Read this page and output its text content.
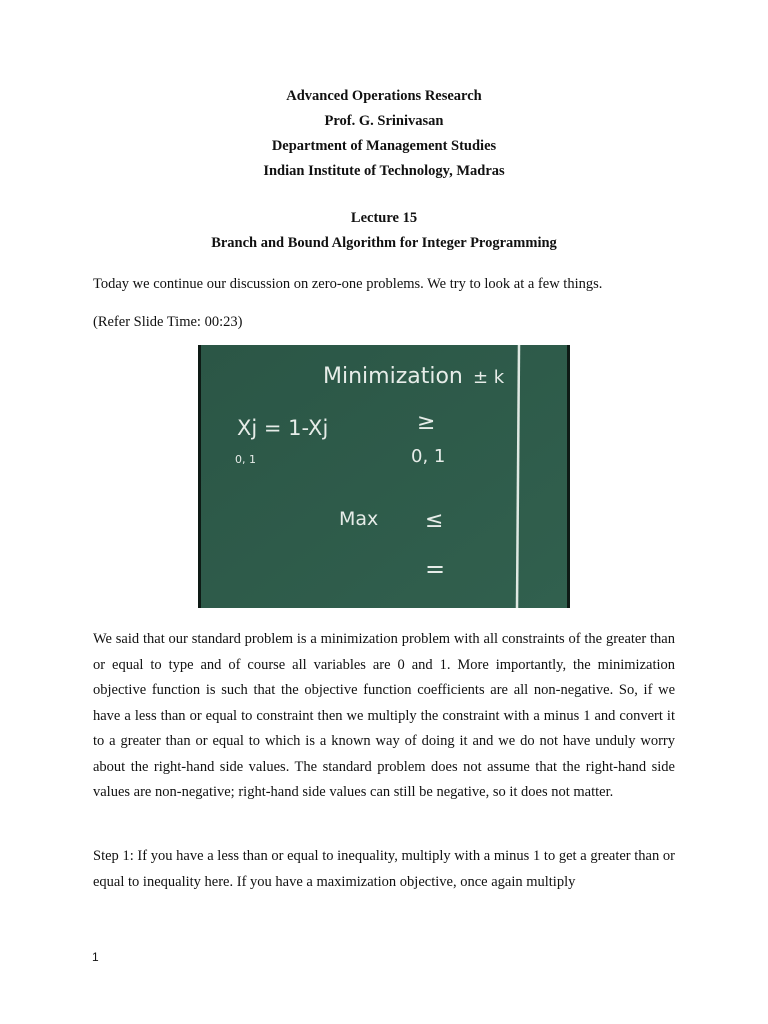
Advanced Operations Research
Prof. G. Srinivasan
Department of Management Studies
Indian Institute of Technology, Madras
Lecture 15
Branch and Bound Algorithm for Integer Programming
Today we continue our discussion on zero-one problems. We try to look at a few things.
(Refer Slide Time: 00:23)
Minimization ± k
Xj = 1-Xj
0, 1
≥
0, 1
Max ≤
=
We said that our standard problem is a minimization problem with all constraints of the greater than or equal to type and of course all variables are 0 and 1. More importantly, the minimization objective function is such that the objective function coefficients are all non-negative. So, if we have a less than or equal to constraint then we multiply the constraint with a minus 1 and convert it to a greater than or equal to which is a known way of doing it and we do not have unduly worry about the right-hand side values. The standard problem does not assume that the right-hand side values are non-negative; right-hand side values can still be negative, so it does not matter.
Step 1: If you have a less than or equal to inequality, multiply with a minus 1 to get a greater than or equal to inequality here. If you have a maximization objective, once again multiply
1
